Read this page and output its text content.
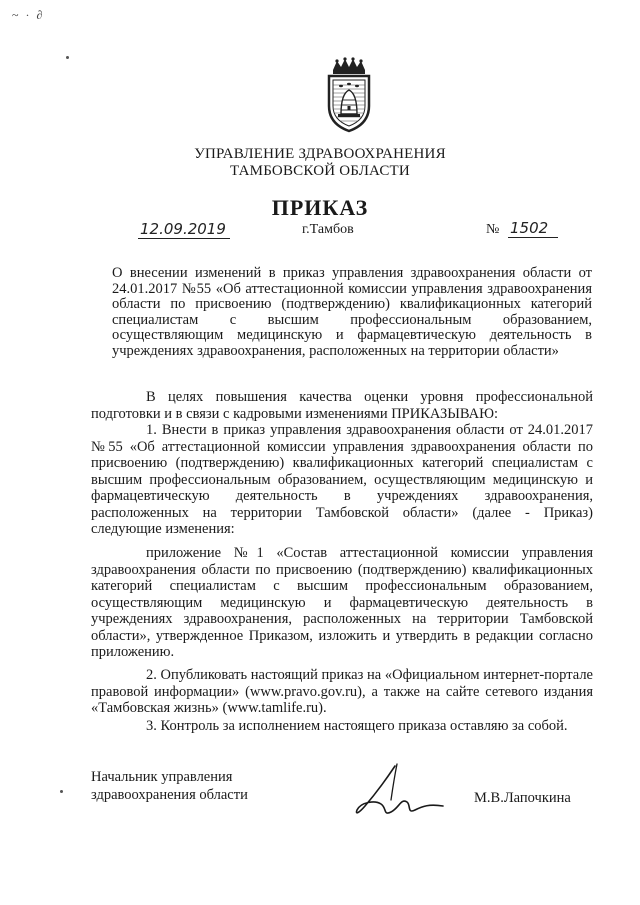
~ · ∂
УПРАВЛЕНИЕ ЗДРАВООХРАНЕНИЯ
ТАМБОВСКОЙ ОБЛАСТИ
ПРИКАЗ
12.09.2019	г.Тамбов	№ 1502
О внесении изменений в приказ управления здравоохранения области от
24.01.2017 №55 «Об аттестационной комиссии управления здравоохранения
области по присвоению (подтверждению) квалификационных категорий
специалистам с высшим профессиональным образованием,
осуществляющим медицинскую и фармацевтическую деятельность в
учреждениях здравоохранения, расположенных на территории области»
В целях повышения качества оценки уровня профессиональной подготовки и в связи с кадровыми изменениями ПРИКАЗЫВАЮ:
1. Внести в приказ управления здравоохранения области от 24.01.2017 №55 «Об аттестационной комиссии управления здравоохранения области по присвоению (подтверждению) квалификационных категорий специалистам с высшим профессиональным образованием, осуществляющим медицинскую и фармацевтическую деятельность в учреждениях здравоохранения, расположенных на территории Тамбовской области» (далее - Приказ) следующие изменения:
приложение №1 «Состав аттестационной комиссии управления здравоохранения области по присвоению (подтверждению) квалификационных категорий специалистам с высшим профессиональным образованием, осуществляющим медицинскую и фармацевтическую деятельность в учреждениях здравоохранения, расположенных на территории Тамбовской области», утвержденное Приказом, изложить и утвердить в редакции согласно приложению.
2. Опубликовать настоящий приказ на «Официальном интернет-портале правовой информации» (www.pravo.gov.ru), а также на сайте сетевого издания «Тамбовская жизнь» (www.tamlife.ru).
3. Контроль за исполнением настоящего приказа оставляю за собой.
Начальник управления
здравоохранения области	М.В.Лапочкина
